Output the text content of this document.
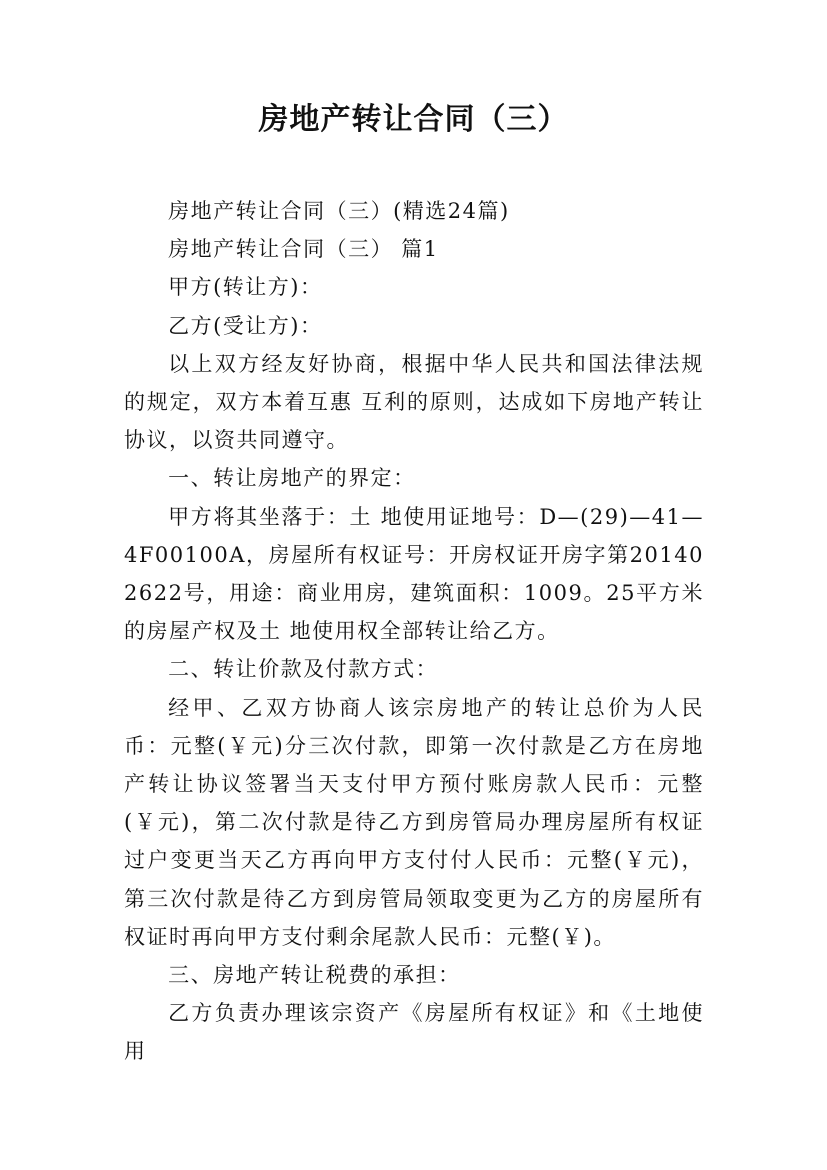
房地产转让合同（三）

房地产转让合同（三）(精选24篇)

房地产转让合同（三） 篇1

甲方(转让方)：

乙方(受让方)：

以上双方经友好协商，根据中华人民共和国法律法规的规定，双方本着互惠 互利的原则，达成如下房地产转让协议，以资共同遵守。

一、转让房地产的界定：

甲方将其坐落于：土 地使用证地号：D—(29)—41—4F00100A，房屋所有权证号：开房权证开房字第201402622号，用途：商业用房，建筑面积：1009。25平方米的房屋产权及土 地使用权全部转让给乙方。

二、转让价款及付款方式：

经甲、乙双方协商人该宗房地产的转让总价为人民币：元整(￥元)分三次付款，即第一次付款是乙方在房地产转让协议签署当天支付甲方预付账房款人民币：元整(￥元)，第二次付款是待乙方到房管局办理房屋所有权证过户变更当天乙方再向甲方支付付人民币：元整(￥元)，第三次付款是待乙方到房管局领取变更为乙方的房屋所有权证时再向甲方支付剩余尾款人民币：元整(￥)。

三、房地产转让税费的承担：

乙方负责办理该宗资产《房屋所有权证》和《土地使用
